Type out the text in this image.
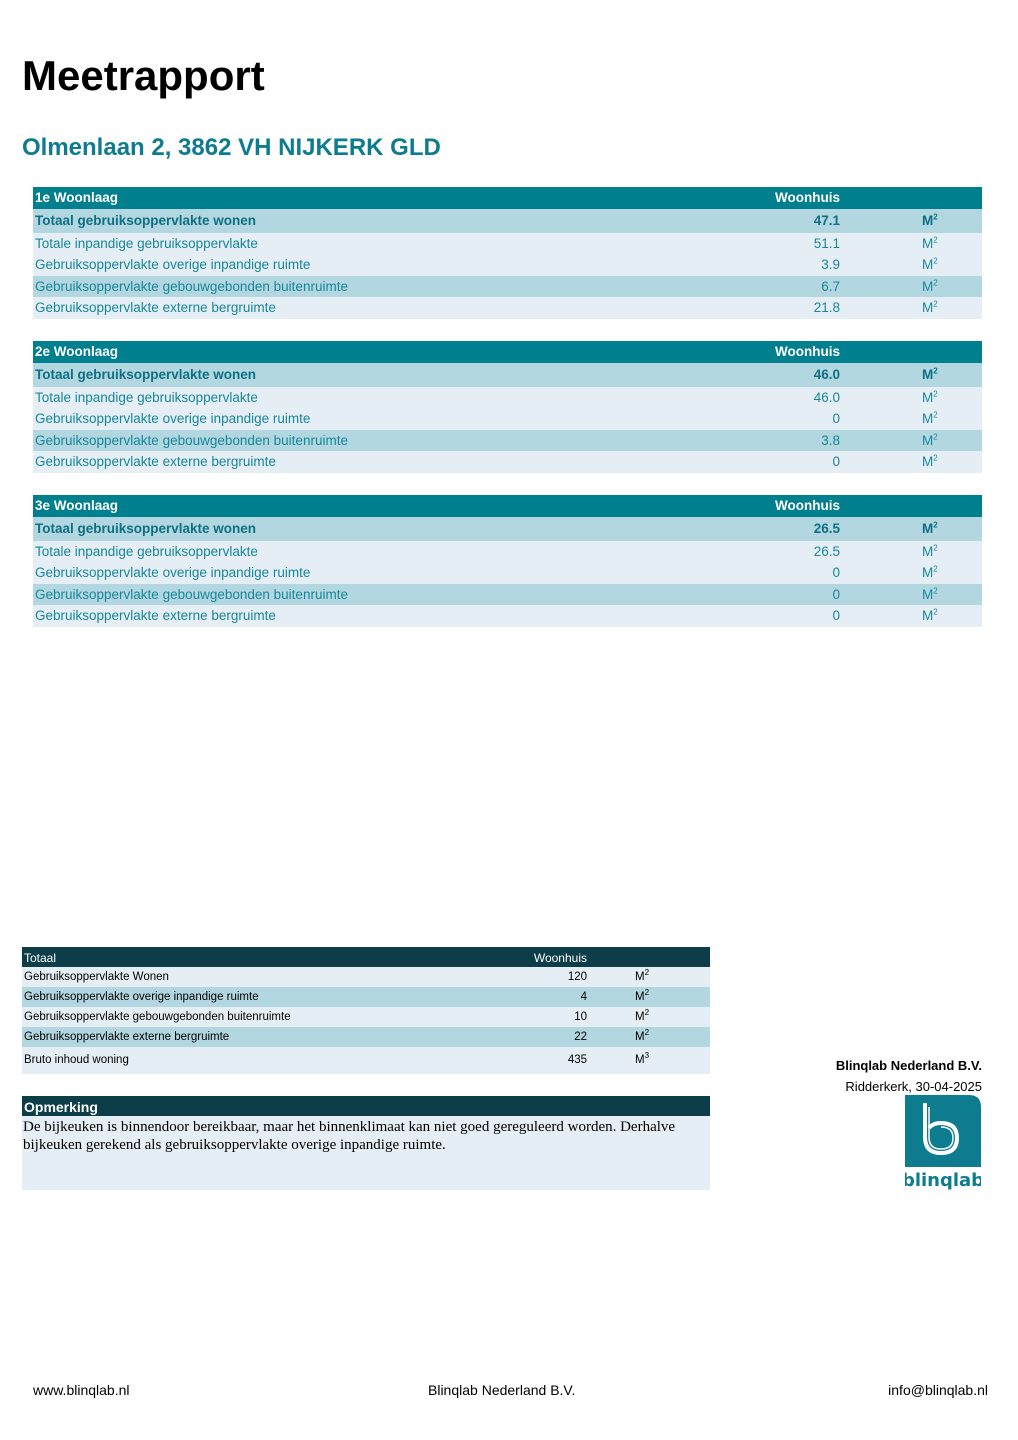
Meetrapport
Olmenlaan 2, 3862 VH NIJKERK GLD
1e Woonlaag	Woonhuis
Totaal gebruiksoppervlakte wonen	47.1	$M^2$
Totale inpandige gebruiksoppervlakte	51.1	$M^2$
Gebruiksoppervlakte overige inpandige ruimte	3.9	$M^2$
Gebruiksoppervlakte gebouwgebonden buitenruimte	6.7	$M^2$
Gebruiksoppervlakte externe bergruimte	21.8	$M^2$
2e Woonlaag	Woonhuis
Totaal gebruiksoppervlakte wonen	46.0	$M^2$
Totale inpandige gebruiksoppervlakte	46.0	$M^2$
Gebruiksoppervlakte overige inpandige ruimte	0	$M^2$
Gebruiksoppervlakte gebouwgebonden buitenruimte	3.8	$M^2$
Gebruiksoppervlakte externe bergruimte	0	$M^2$
3e Woonlaag	Woonhuis
Totaal gebruiksoppervlakte wonen	26.5	$M^2$
Totale inpandige gebruiksoppervlakte	26.5	$M^2$
Gebruiksoppervlakte overige inpandige ruimte	0	$M^2$
Gebruiksoppervlakte gebouwgebonden buitenruimte	0	$M^2$
Gebruiksoppervlakte externe bergruimte	0	$M^2$
Totaal	Woonhuis
Gebruiksoppervlakte Wonen	120	$M^2$
Gebruiksoppervlakte overige inpandige ruimte	4	$M^2$
Gebruiksoppervlakte gebouwgebonden buitenruimte	10	$M^2$
Gebruiksoppervlakte externe bergruimte	22	$M^2$
Bruto inhoud woning	435	$M^3$
Opmerking
De bijkeuken is binnendoor bereikbaar, maar het binnenklimaat kan niet goed gereguleerd worden. Derhalve bijkeuken gerekend als gebruiksoppervlakte overige inpandige ruimte.
Blinqlab Nederland B.V.
Ridderkerk, 30-04-2025
blinqlab
www.blinqlab.nl	Blinqlab Nederland B.V.	info@blinqlab.nl
